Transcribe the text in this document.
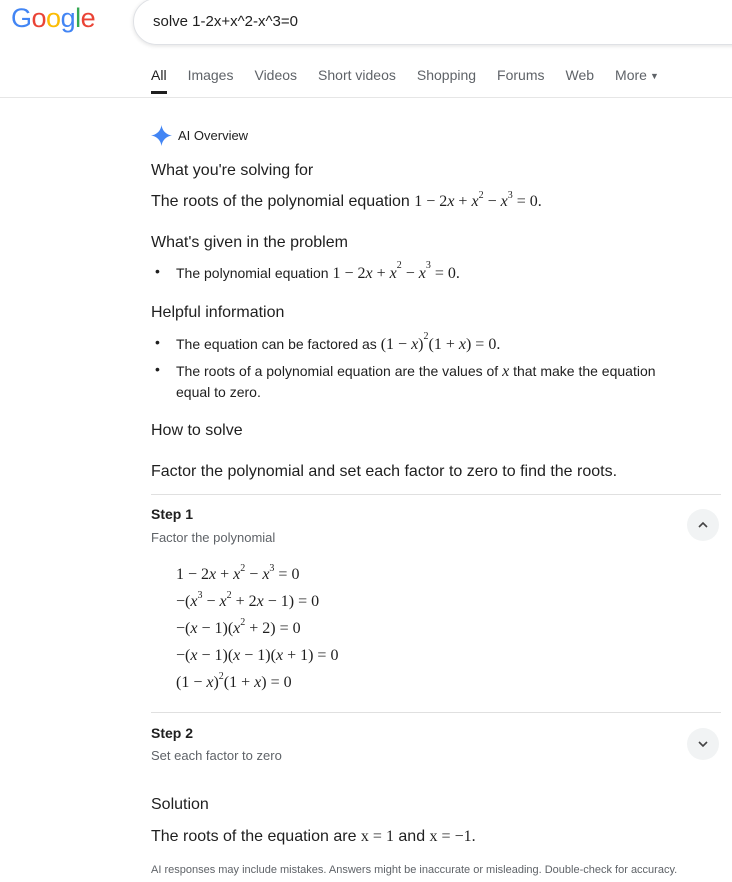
Google
solve 1-2x+x^2-x^3=0
All Images Videos Short videos Shopping Forums Web More ▼
AI Overview
What you're solving for
The roots of the polynomial equation $1 - 2x + x^2 - x^3 = 0$.
What's given in the problem
• The polynomial equation $1 - 2x + x^2 - x^3 = 0$.
Helpful information
• The equation can be factored as $(1 - x)^2(1 + x) = 0$.
• The roots of a polynomial equation are the values of x that make the equation
equal to zero.
How to solve
Factor the polynomial and set each factor to zero to find the roots.
Step 1
Factor the polynomial
$1 - 2x + x^2 - x^3 = 0$
$-(x^3 - x^2 + 2x - 1) = 0$
$-(x - 1)(x^2 + 2) = 0$
−(x − 1)(x − 1)(x + 1) = 0
$(1 - x)^2(1 + x) = 0$
Step 2
Set each factor to zero
Solution
The roots of the equation are x = 1 and x = −1.
AI responses may include mistakes. Answers might be inaccurate or misleading. Double-check for accuracy.
